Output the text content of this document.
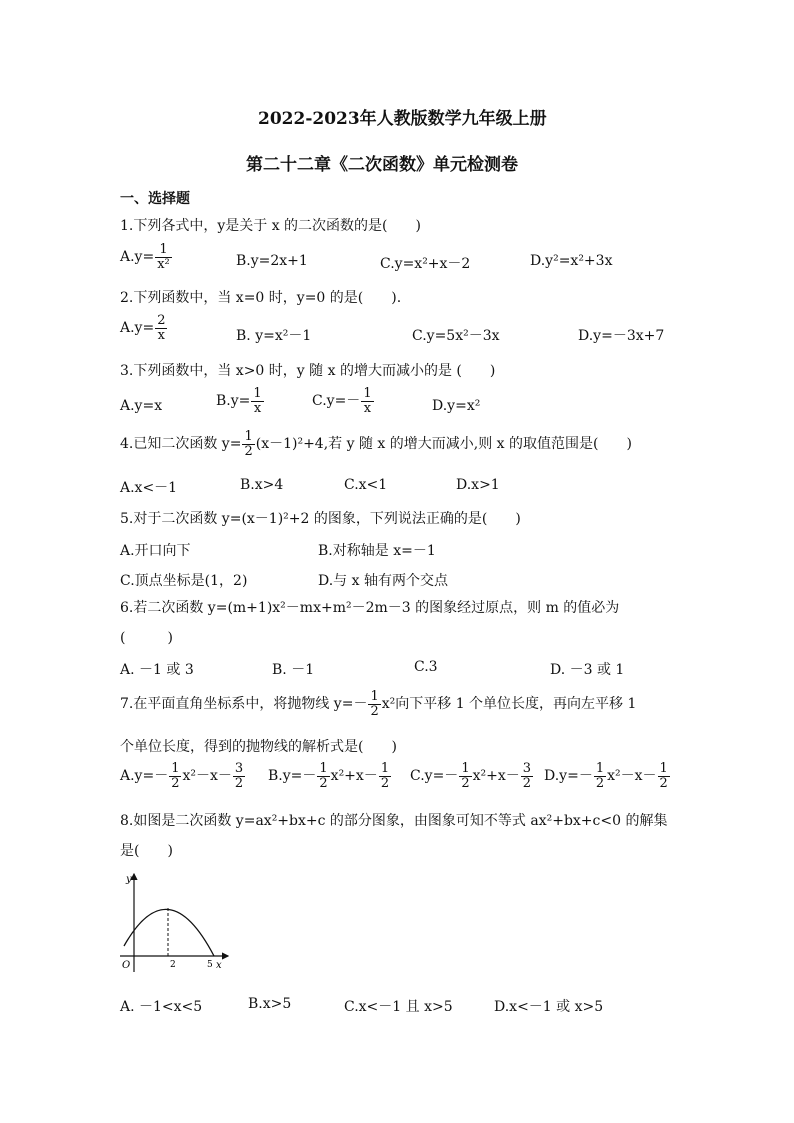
2022-2023年人教版数学九年级上册
第二十二章《二次函数》单元检测卷
一、选择题
1.下列各式中，y是关于 x 的二次函数的是(　　)
$A.y= \frac{1}{\text{x²}}$	B.y=2x+1	C.y=x²+x－2	D.y²=x²+3x
2.下列函数中，当 x=0 时，y=0 的是(　　).
$A.y= \frac{2}{x}$	B. y=x²－1	C.y=5x²－3x	D.y=－3x+7
3.下列函数中，当 x>0 时，y 随 x 的增大而减小的是 (　　)
A.y=x	$B.y= \frac{1}{x}$	$C.y=- \frac{1}{x}$	D.y=x²
4.已知二次函数 $y= \frac{1}{2} (x-1)^2+4$,若 y 随 x 的增大而减小,则 x 的取值范围是(　　)
A.x<－1	B.x>4	C.x<1	D.x>1
5.对于二次函数 y=(x－1)²+2 的图象，下列说法正确的是(　　)
A.开口向下	B.对称轴是 x=－1
C.顶点坐标是(1，2)	D.与 x 轴有两个交点
6.若二次函数 y=(m+1)x²－mx+m²－2m－3 的图象经过原点，则 m 的值必为
(　　　)
A. －1 或 3	B. －1	C.3	D. －3 或 1
7.在平面直角坐标系中，将抛物线 $y=- \frac{1}{2} x^2$向下平移 1 个单位长度，再向左平移 1
个单位长度，得到的抛物线的解析式是(　　)
$A.y=- \frac{1}{2} x^2-x- \frac{3}{2} B.y=- \frac{1}{2} x^2+x- \frac{1}{2} C.y=- \frac{1}{2} x^2+x- \frac{3}{2} D.y=- \frac{1}{2} x^2-x- \frac{1}{2}$
8.如图是二次函数 y=ax²+bx+c 的部分图象，由图象可知不等式 ax²+bx+c<0 的解集
是(　　)
y
x
O	2	5
A. －1<x<5	B.x>5	C.x<－1 且 x>5	D.x<－1 或 x>5
